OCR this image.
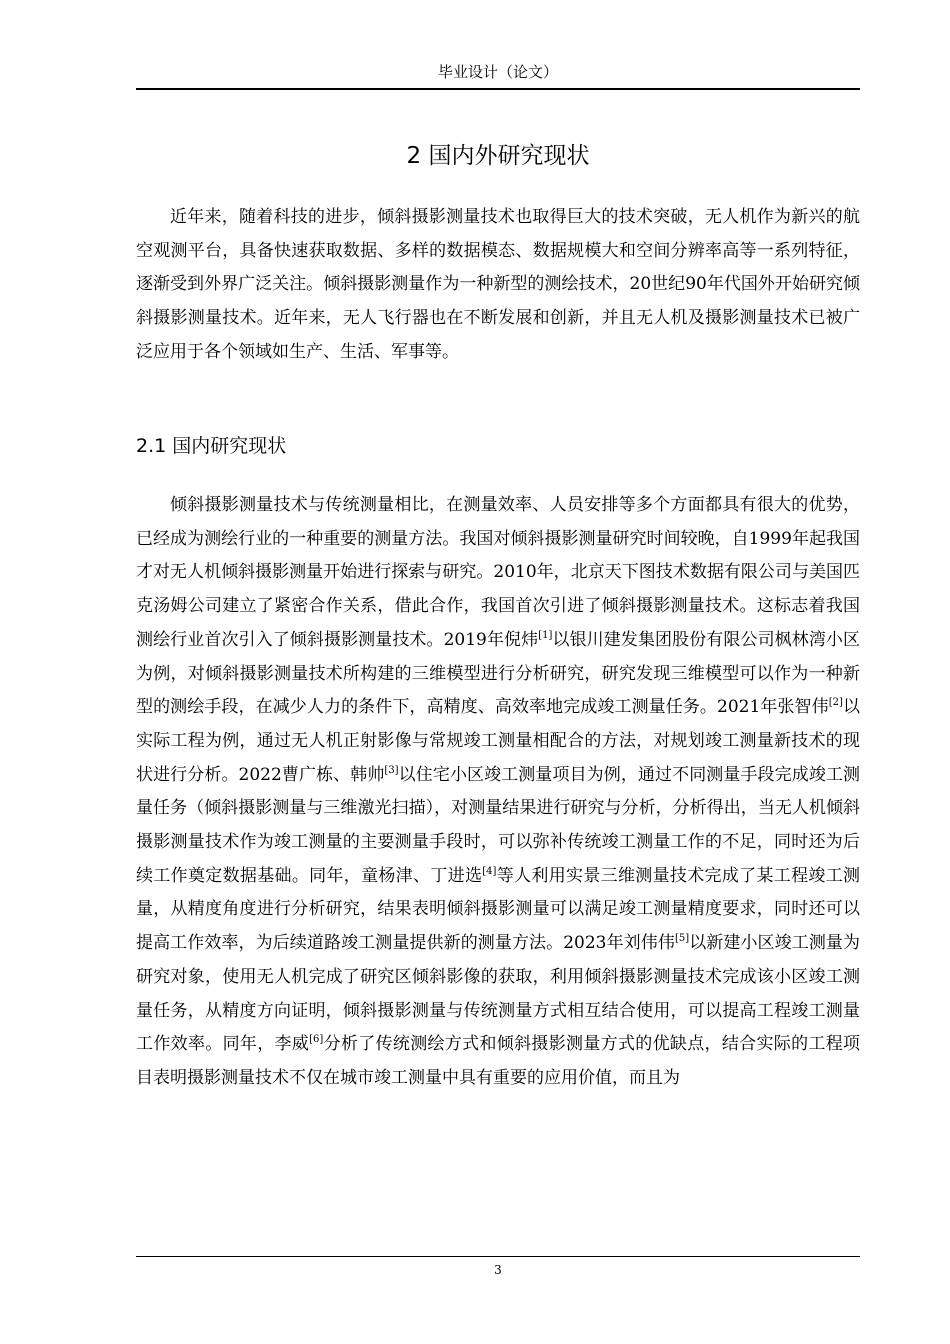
毕业设计（论文）
2 国内外研究现状

近年来，随着科技的进步，倾斜摄影测量技术也取得巨大的技术突破，无人机作为新兴的航空观测平台，具备快速获取数据、多样的数据模态、数据规模大和空间分辨率高等一系列特征，逐渐受到外界广泛关注。倾斜摄影测量作为一种新型的测绘技术，20世纪90年代国外开始研究倾斜摄影测量技术。近年来，无人飞行器也在不断发展和创新，并且无人机及摄影测量技术已被广泛应用于各个领域如生产、生活、军事等。

2.1 国内研究现状

倾斜摄影测量技术与传统测量相比，在测量效率、人员安排等多个方面都具有很大的优势，已经成为测绘行业的一种重要的测量方法。我国对倾斜摄影测量研究时间较晚，自1999年起我国才对无人机倾斜摄影测量开始进行探索与研究。2010年，北京天下图技术数据有限公司与美国匹克汤姆公司建立了紧密合作关系，借此合作，我国首次引进了倾斜摄影测量技术。这标志着我国测绘行业首次引入了倾斜摄影测量技术。2019年倪炜[1]以银川建发集团股份有限公司枫林湾小区为例，对倾斜摄影测量技术所构建的三维模型进行分析研究，研究发现三维模型可以作为一种新型的测绘手段，在减少人力的条件下，高精度、高效率地完成竣工测量任务。2021年张智伟[2]以实际工程为例，通过无人机正射影像与常规竣工测量相配合的方法，对规划竣工测量新技术的现状进行分析。2022曹广栋、韩帅[3]以住宅小区竣工测量项目为例，通过不同测量手段完成竣工测量任务（倾斜摄影测量与三维激光扫描），对测量结果进行研究与分析，分析得出，当无人机倾斜摄影测量技术作为竣工测量的主要测量手段时，可以弥补传统竣工测量工作的不足，同时还为后续工作奠定数据基础。同年，童杨津、丁进选[4]等人利用实景三维测量技术完成了某工程竣工测量，从精度角度进行分析研究，结果表明倾斜摄影测量可以满足竣工测量精度要求，同时还可以提高工作效率，为后续道路竣工测量提供新的测量方法。2023年刘伟伟[5]以新建小区竣工测量为研究对象，使用无人机完成了研究区倾斜影像的获取，利用倾斜摄影测量技术完成该小区竣工测量任务，从精度方向证明，倾斜摄影测量与传统测量方式相互结合使用，可以提高工程竣工测量工作效率。同年，李威[6]分析了传统测绘方式和倾斜摄影测量方式的优缺点，结合实际的工程项目表明摄影测量技术不仅在城市竣工测量中具有重要的应用价值，而且为

3
